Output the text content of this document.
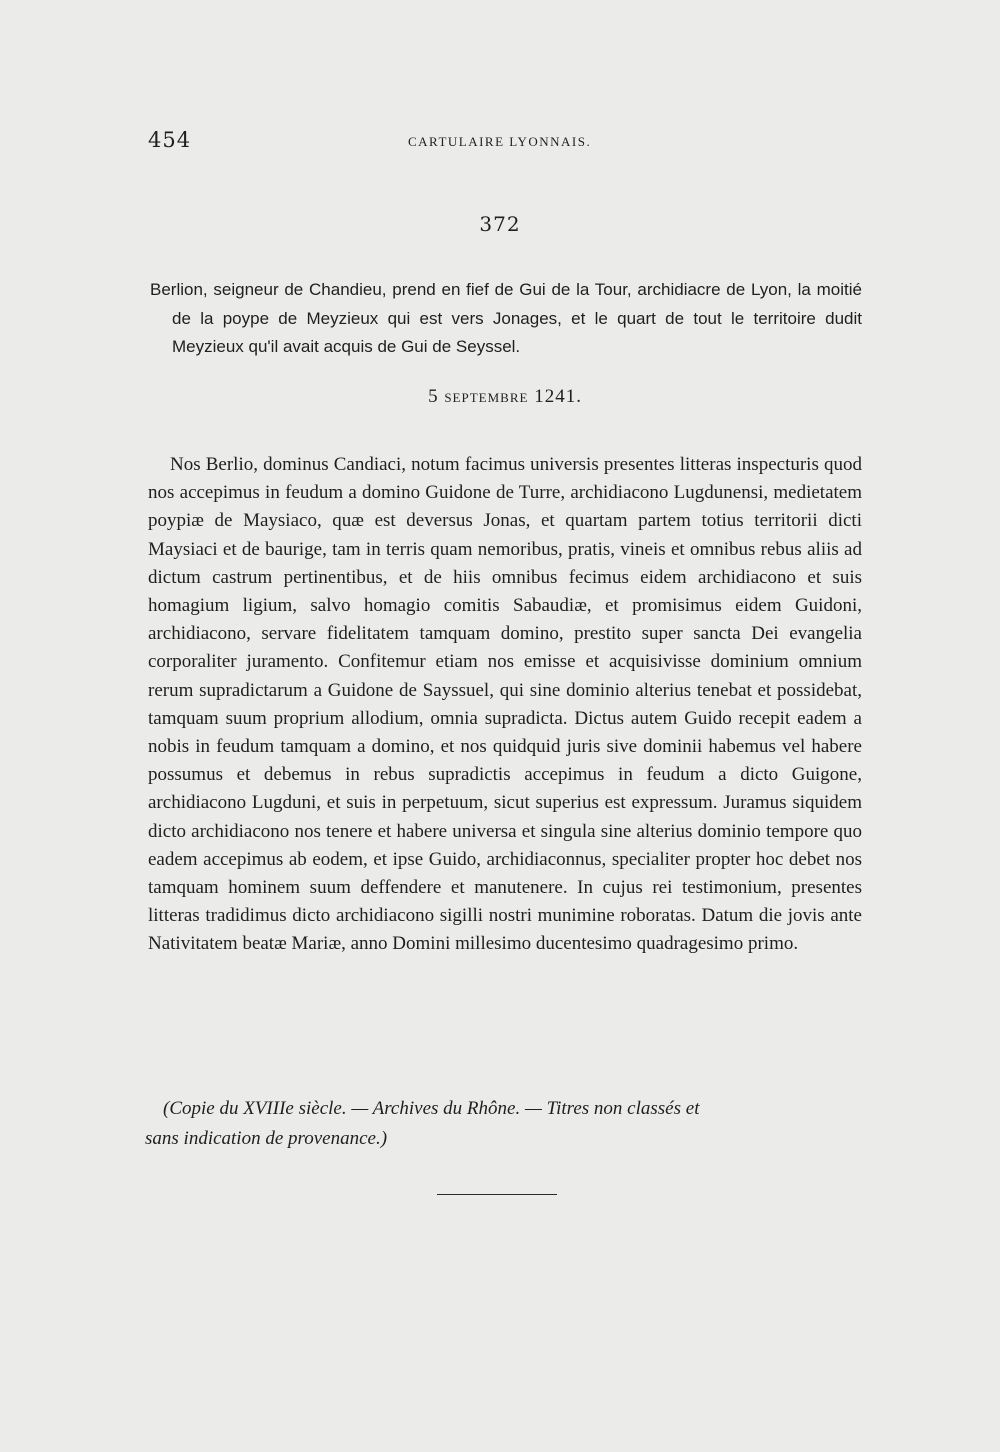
454	CARTULAIRE LYONNAIS.
372
Berlion, seigneur de Chandieu, prend en fief de Gui de la Tour, archidiacre de Lyon, la moitié de la poype de Meyzieux qui est vers Jonages, et le quart de tout le territoire dudit Meyzieux qu'il avait acquis de Gui de Seyssel.
5 SEPTEMBRE 1241.

Nos Berlio, dominus Candiaci, notum facimus universis presentes litteras inspecturis quod nos accepimus in feudum a domino Guidone de Turre, archidiacono Lugdunensi, medietatem poypiæ de Maysiaco, quæ est deversus Jonas, et quartam partem totius territorii dicti Maysiaci et de baurige, tam in terris quam nemoribus, pratis, vineis et omnibus rebus aliis ad dictum castrum pertinentibus, et de hiis omnibus fecimus eidem archidiacono et suis homagium ligium, salvo homagio comitis Sabaudiæ, et promisimus eidem Guidoni, archidiacono, servare fidelitatem tamquam domino, prestito super sancta Dei evangelia corporaliter juramento. Confitemur etiam nos emisse et acquisivisse dominium omnium rerum supradictarum a Guidone de Sayssuel, qui sine dominio alterius tenebat et possidebat, tamquam suum proprium allodium, omnia supradicta. Dictus autem Guido recepit eadem a nobis in feudum tamquam a domino, et nos quidquid juris sive dominii habemus vel habere possumus et debemus in rebus supradictis accepimus in feudum a dicto Guigone, archidiacono Lugduni, et suis in perpetuum, sicut superius est expressum. Juramus siquidem dicto archidiacono nos tenere et habere universa et singula sine alterius dominio tempore quo eadem accepimus ab eodem, et ipse Guido, archidiaconnus, specialiter propter hoc debet nos tamquam hominem suum deffendere et manutenere. In cujus rei testimonium, presentes litteras tradidimus dicto archidiacono sigilli nostri munimine roboratas. Datum die jovis ante Nativitatem beatæ Mariæ, anno Domini millesimo ducentesimo quadragesimo primo.

(Copie du XVIIIe siècle. — Archives du Rhône. — Titres non classés et
sans indication de provenance.)
